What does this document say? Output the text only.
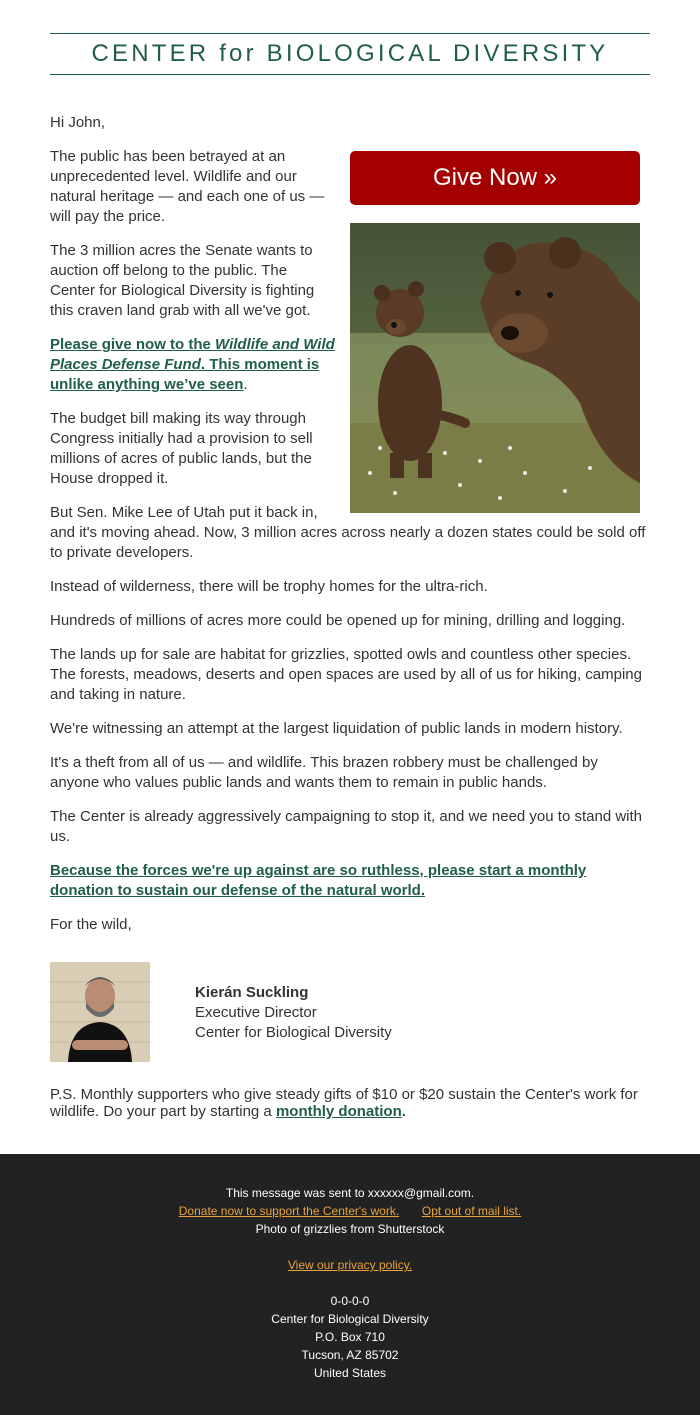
CENTER for BIOLOGICAL DIVERSITY

Hi John,

Give Now »

The public has been betrayed at an unprecedented level. Wildlife and our natural heritage — and each one of us — will pay the price.

The 3 million acres the Senate wants to auction off belong to the public. The Center for Biological Diversity is fighting this craven land grab with all we've got.

Please give now to the Wildlife and Wild Places Defense Fund. This moment is unlike anything we’ve seen.

The budget bill making its way through Congress initially had a provision to sell millions of acres of public lands, but the House dropped it.

But Sen. Mike Lee of Utah put it back in, and it's moving ahead. Now, 3 million acres across nearly a dozen states could be sold off to private developers.

Instead of wilderness, there will be trophy homes for the ultra-rich.

Hundreds of millions of acres more could be opened up for mining, drilling and logging.

The lands up for sale are habitat for grizzlies, spotted owls and countless other species. The forests, meadows, deserts and open spaces are used by all of us for hiking, camping and taking in nature.

We're witnessing an attempt at the largest liquidation of public lands in modern history.

It's a theft from all of us — and wildlife. This brazen robbery must be challenged by anyone who values public lands and wants them to remain in public hands.

The Center is already aggressively campaigning to stop it, and we need you to stand with us.

Because the forces we're up against are so ruthless, please start a monthly donation to sustain our defense of the natural world.

For the wild,

Kierán Suckling
Executive Director
Center for Biological Diversity
P.S. Monthly supporters who give steady gifts of $10 or $20 sustain the Center's work for wildlife. Do your part by starting a monthly donation.
This message was sent to xxxxxx@gmail.com.
Donate now to support the Center's work. Opt out of mail list.
Photo of grizzlies from Shutterstock
View our privacy policy.
0-0-0-0
Center for Biological Diversity
P.O. Box 710
Tucson, AZ 85702
United States
